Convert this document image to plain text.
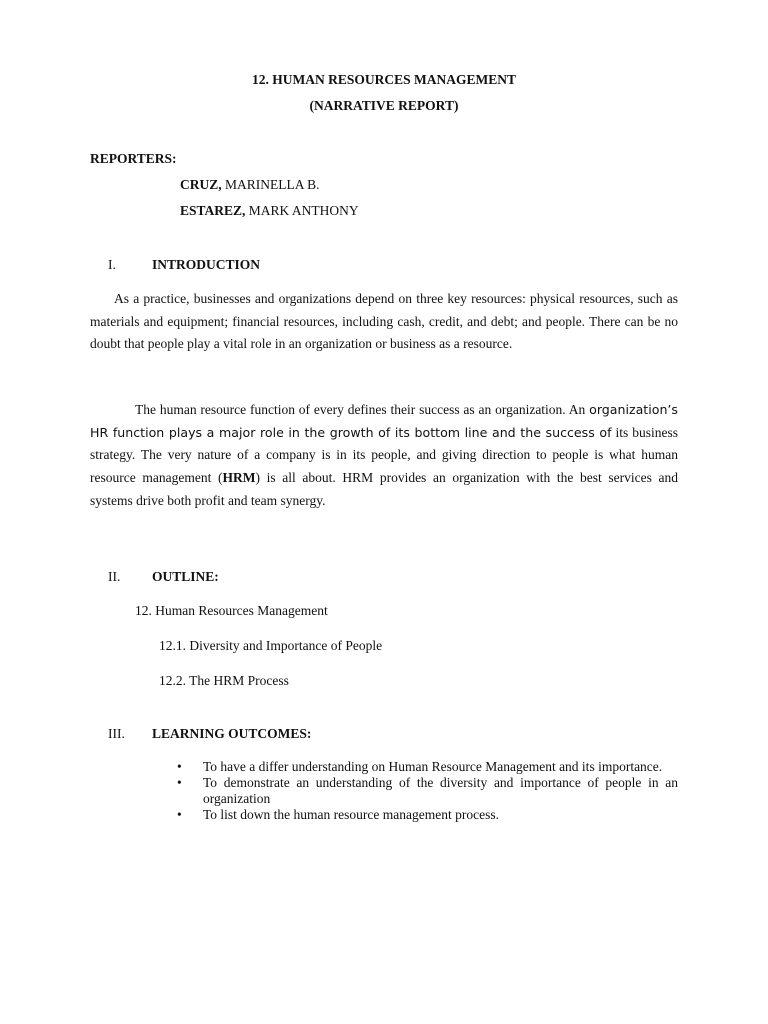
12. HUMAN RESOURCES MANAGEMENT
(NARRATIVE REPORT)
REPORTERS:
CRUZ, MARINELLA B.
ESTAREZ, MARK ANTHONY
I.	INTRODUCTION
As a practice, businesses and organizations depend on three key resources: physical resources, such as materials and equipment; financial resources, including cash, credit, and debt; and people. There can be no doubt that people play a vital role in an organization or business as a resource.
The human resource function of every defines their success as an organization. An organization’s HR function plays a major role in the growth of its bottom line and the success of its business strategy. The very nature of a company is in its people, and giving direction to people is what human resource management (HRM) is all about. HRM provides an organization with the best services and systems drive both profit and team synergy.
II. OUTLINE:
12. Human Resources Management
12.1. Diversity and Importance of People
12.2. The HRM Process
III. LEARNING OUTCOMES:
• To have a differ understanding on Human Resource Management and its importance.
• To demonstrate an understanding of the diversity and importance of people in an organization
• To list down the human resource management process.
